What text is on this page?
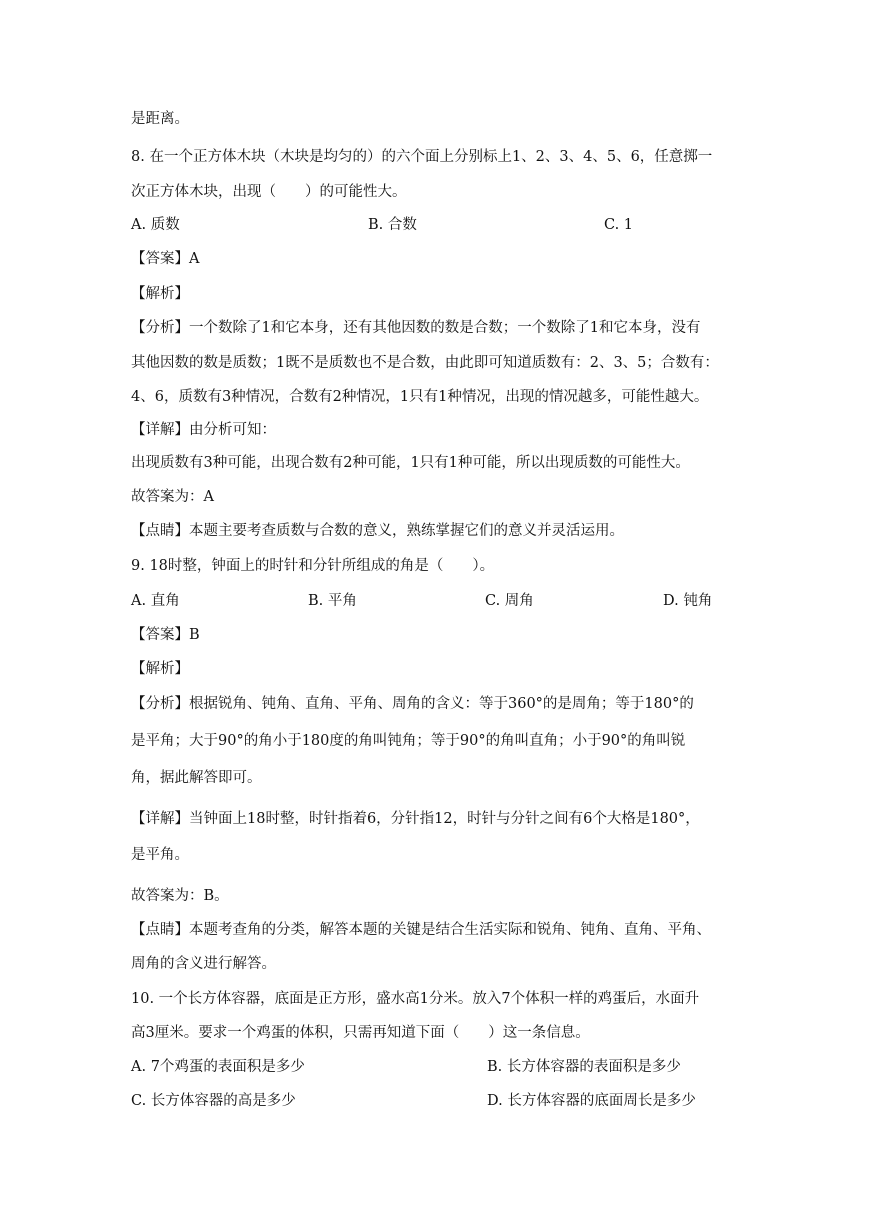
是距离。
8. 在一个正方体木块（木块是均匀的）的六个面上分别标上1、2、3、4、5、6，任意掷一
次正方体木块，出现（　　）的可能性大。
A. 质数	B. 合数	C. 1
【答案】A
【解析】
【分析】一个数除了1和它本身，还有其他因数的数是合数；一个数除了1和它本身，没有
其他因数的数是质数；1既不是质数也不是合数，由此即可知道质数有：2、3、5；合数有：
4、6，质数有3种情况，合数有2种情况，1只有1种情况，出现的情况越多，可能性越大。
【详解】由分析可知：
出现质数有3种可能，出现合数有2种可能，1只有1种可能，所以出现质数的可能性大。
故答案为：A
【点睛】本题主要考查质数与合数的意义，熟练掌握它们的意义并灵活运用。
9. 18时整，钟面上的时针和分针所组成的角是（　　）。
A. 直角	B. 平角	C. 周角	D. 钝角
【答案】B
【解析】
【分析】根据锐角、钝角、直角、平角、周角的含义：等于360°的是周角；等于180°的
是平角；大于90°的角小于180度的角叫钝角；等于90°的角叫直角；小于90°的角叫锐
角，据此解答即可。
【详解】当钟面上18时整，时针指着6，分针指12，时针与分针之间有6个大格是180°，
是平角。
故答案为：B。
【点睛】本题考查角的分类，解答本题的关键是结合生活实际和锐角、钝角、直角、平角、
周角的含义进行解答。
10. 一个长方体容器，底面是正方形，盛水高1分米。放入7个体积一样的鸡蛋后，水面升
高3厘米。要求一个鸡蛋的体积，只需再知道下面（　　）这一条信息。
A. 7个鸡蛋的表面积是多少	B. 长方体容器的表面积是多少
C. 长方体容器的高是多少	D. 长方体容器的底面周长是多少
